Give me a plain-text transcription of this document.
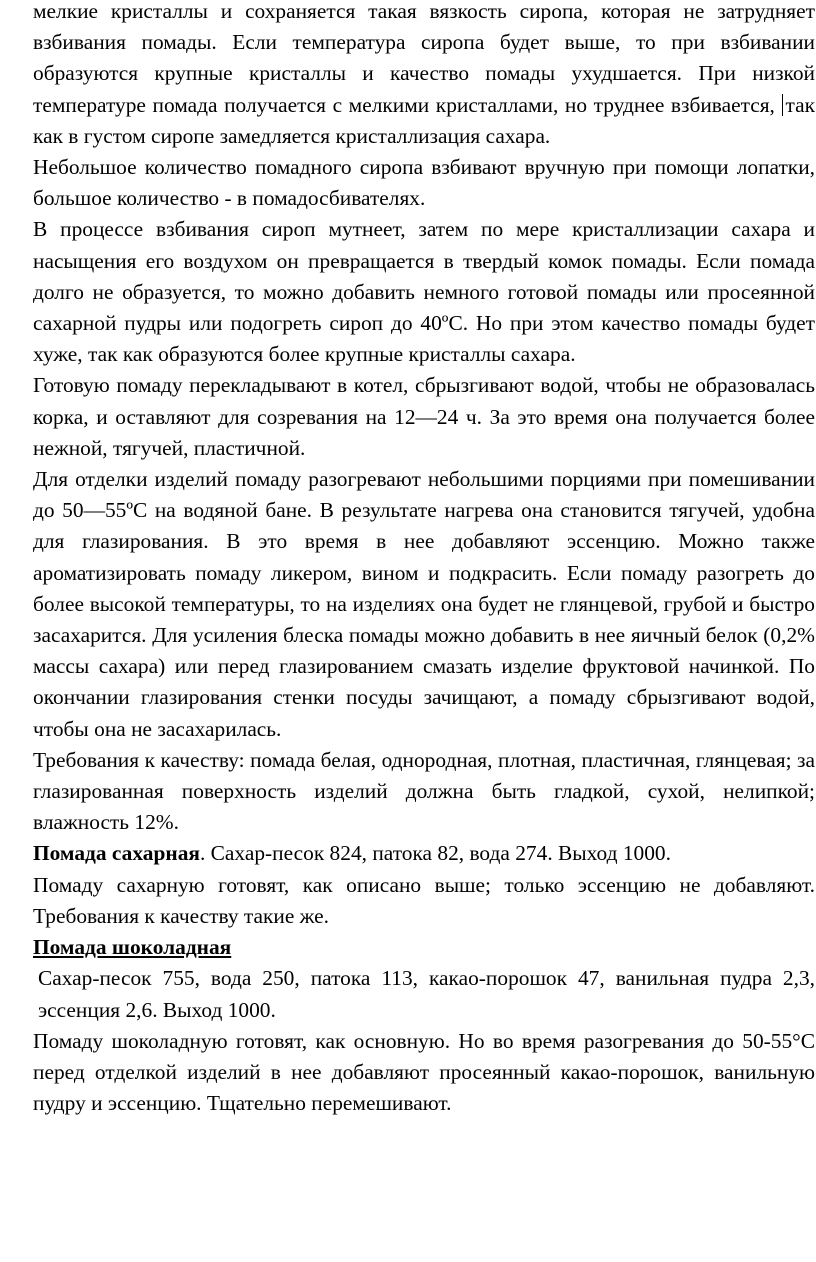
мелкие кристаллы и сохраняется такая вязкость сиропа, которая не затрудняет взбивания помады. Если температура сиропа будет выше, то при взбивании образуются крупные кристаллы и качество помады ухудшается. При низкой температуре помада получается с мелкими кристаллами, но труднее взбивается, так как в густом сиропе замедляется кристаллизация сахара.

Небольшое количество помадного сиропа взбивают вручную при помощи лопатки, большое количество - в помадосбивателях.

В процессе взбивания сироп мутнеет, затем по мере кристаллизации сахара и насыщения его воздухом он превращается в твердый комок помады. Если помада долго не образуется, то можно добавить немного готовой помады или просеянной сахарной пудры или подогреть сироп до 40ºС. Но при этом качество помады будет хуже, так как образуются более крупные кристаллы сахара.

Готовую помаду перекладывают в котел, сбрызгивают водой, чтобы не образовалась корка, и оставляют для созревания на 12—24 ч. За это время она получается более нежной, тягучей, пластичной.

Для отделки изделий помаду разогревают небольшими порциями при помешивании до 50—55ºС на водяной бане. В результате нагрева она становится тягучей, удобна для глазирования. В это время в нее добавляют эссенцию. Можно также ароматизировать помаду ликером, вином и подкрасить. Если помаду разогреть до более высокой температуры, то на изделиях она будет не глянцевой, грубой и быстро засахарится. Для усиления блеска помады можно добавить в нее яичный белок (0,2% массы сахара) или перед глазированием смазать изделие фруктовой начинкой. По окончании глазирования стенки посуды зачищают, а помаду сбрызгивают водой, чтобы она не засахарилась.

Требования к качеству: помада белая, однородная, плотная, пластичная, глянцевая; за глазированная поверхность изделий должна быть гладкой, сухой, нелипкой; влажность 12%.

Помада сахарная. Сахар-песок 824, патока 82, вода 274. Выход 1000.

Помаду сахарную готовят, как описано выше; только эссенцию не добавляют. Требования к качеству такие же.

Помада шоколадная

Сахар-песок 755, вода 250, патока 113, какао-порошок 47, ванильная пудра 2,3, эссенция 2,6. Выход 1000.

Помаду шоколадную готовят, как основную. Но во время разогревания до 50-55°С перед отделкой изделий в нее добавляют просеянный какао-порошок, ванильную пудру и эссенцию. Тщательно перемешивают.
